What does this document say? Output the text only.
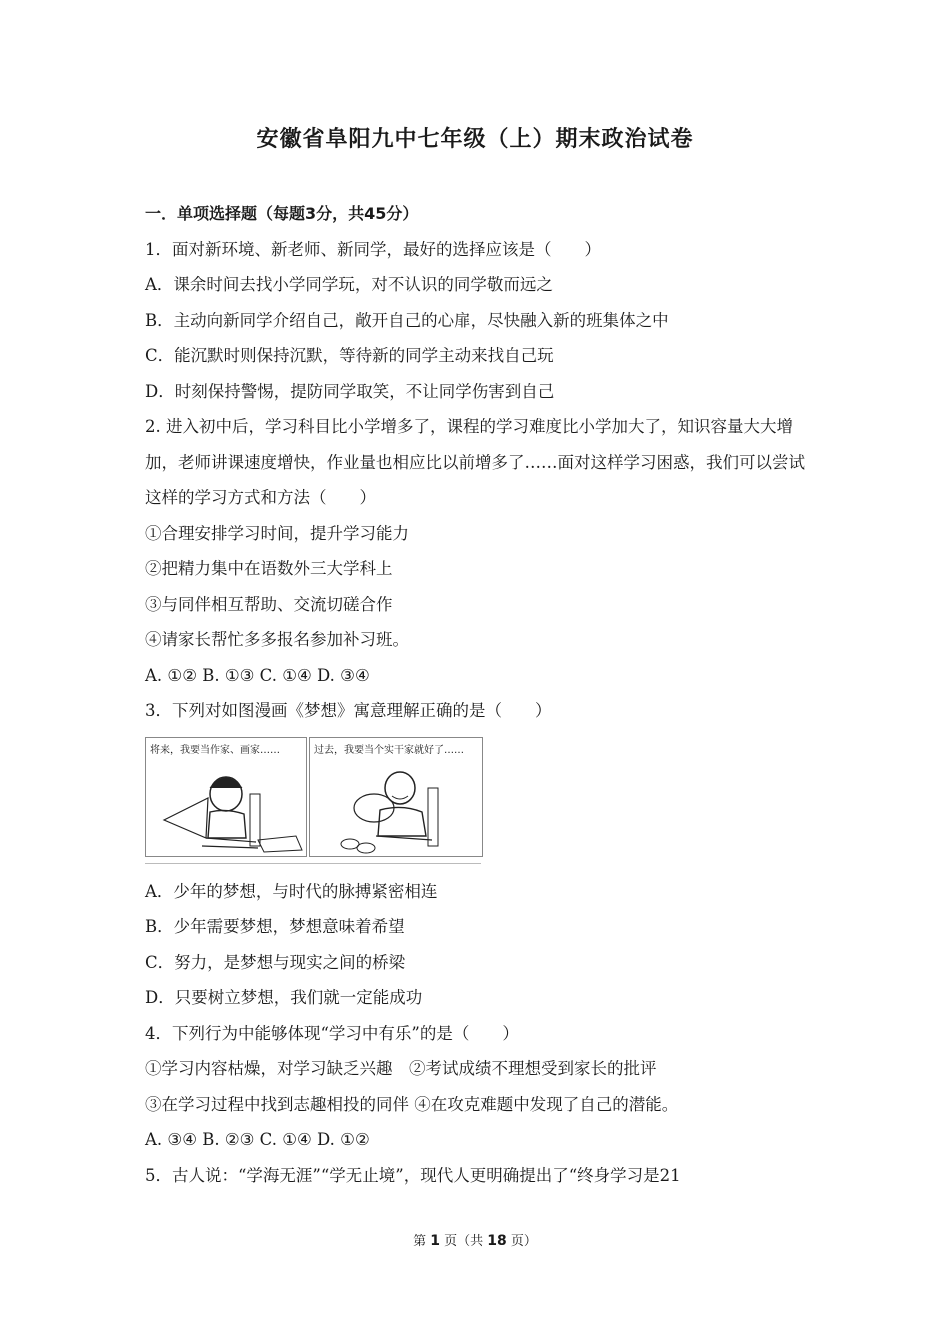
安徽省阜阳九中七年级（上）期末政治试卷
一．单项选择题（每题3分，共45分）
1．面对新环境、新老师、新同学，最好的选择应该是（　　）
A．课余时间去找小学同学玩，对不认识的同学敬而远之
B．主动向新同学介绍自己，敞开自己的心扉，尽快融入新的班集体之中
C．能沉默时则保持沉默，等待新的同学主动来找自己玩
D．时刻保持警惕，提防同学取笑，不让同学伤害到自己
2. 进入初中后，学习科目比小学增多了，课程的学习难度比小学加大了，知识容量大大增加，老师讲课速度增快，作业量也相应比以前增多了……面对这样学习困惑，我们可以尝试这样的学习方式和方法（　　）
①合理安排学习时间，提升学习能力
②把精力集中在语数外三大学科上
③与同伴相互帮助、交流切磋合作
④请家长帮忙多多报名参加补习班。
A. ①② B. ①③ C. ①④ D. ③④
3．下列对如图漫画《梦想》寓意理解正确的是（　　）
将来，我要当作家、画家……	过去，我要当个实干家就好了……
A．少年的梦想，与时代的脉搏紧密相连
B．少年需要梦想，梦想意味着希望
C．努力，是梦想与现实之间的桥梁
D．只要树立梦想，我们就一定能成功
4．下列行为中能够体现“学习中有乐”的是（　　）
①学习内容枯燥，对学习缺乏兴趣　②考试成绩不理想受到家长的批评
③在学习过程中找到志趣相投的同伴 ④在攻克难题中发现了自己的潜能。
A. ③④ B. ②③ C. ①④ D. ①②
5．古人说：“学海无涯”“学无止境”，现代人更明确提出了“终身学习是21
第 1 页（共 18 页）
